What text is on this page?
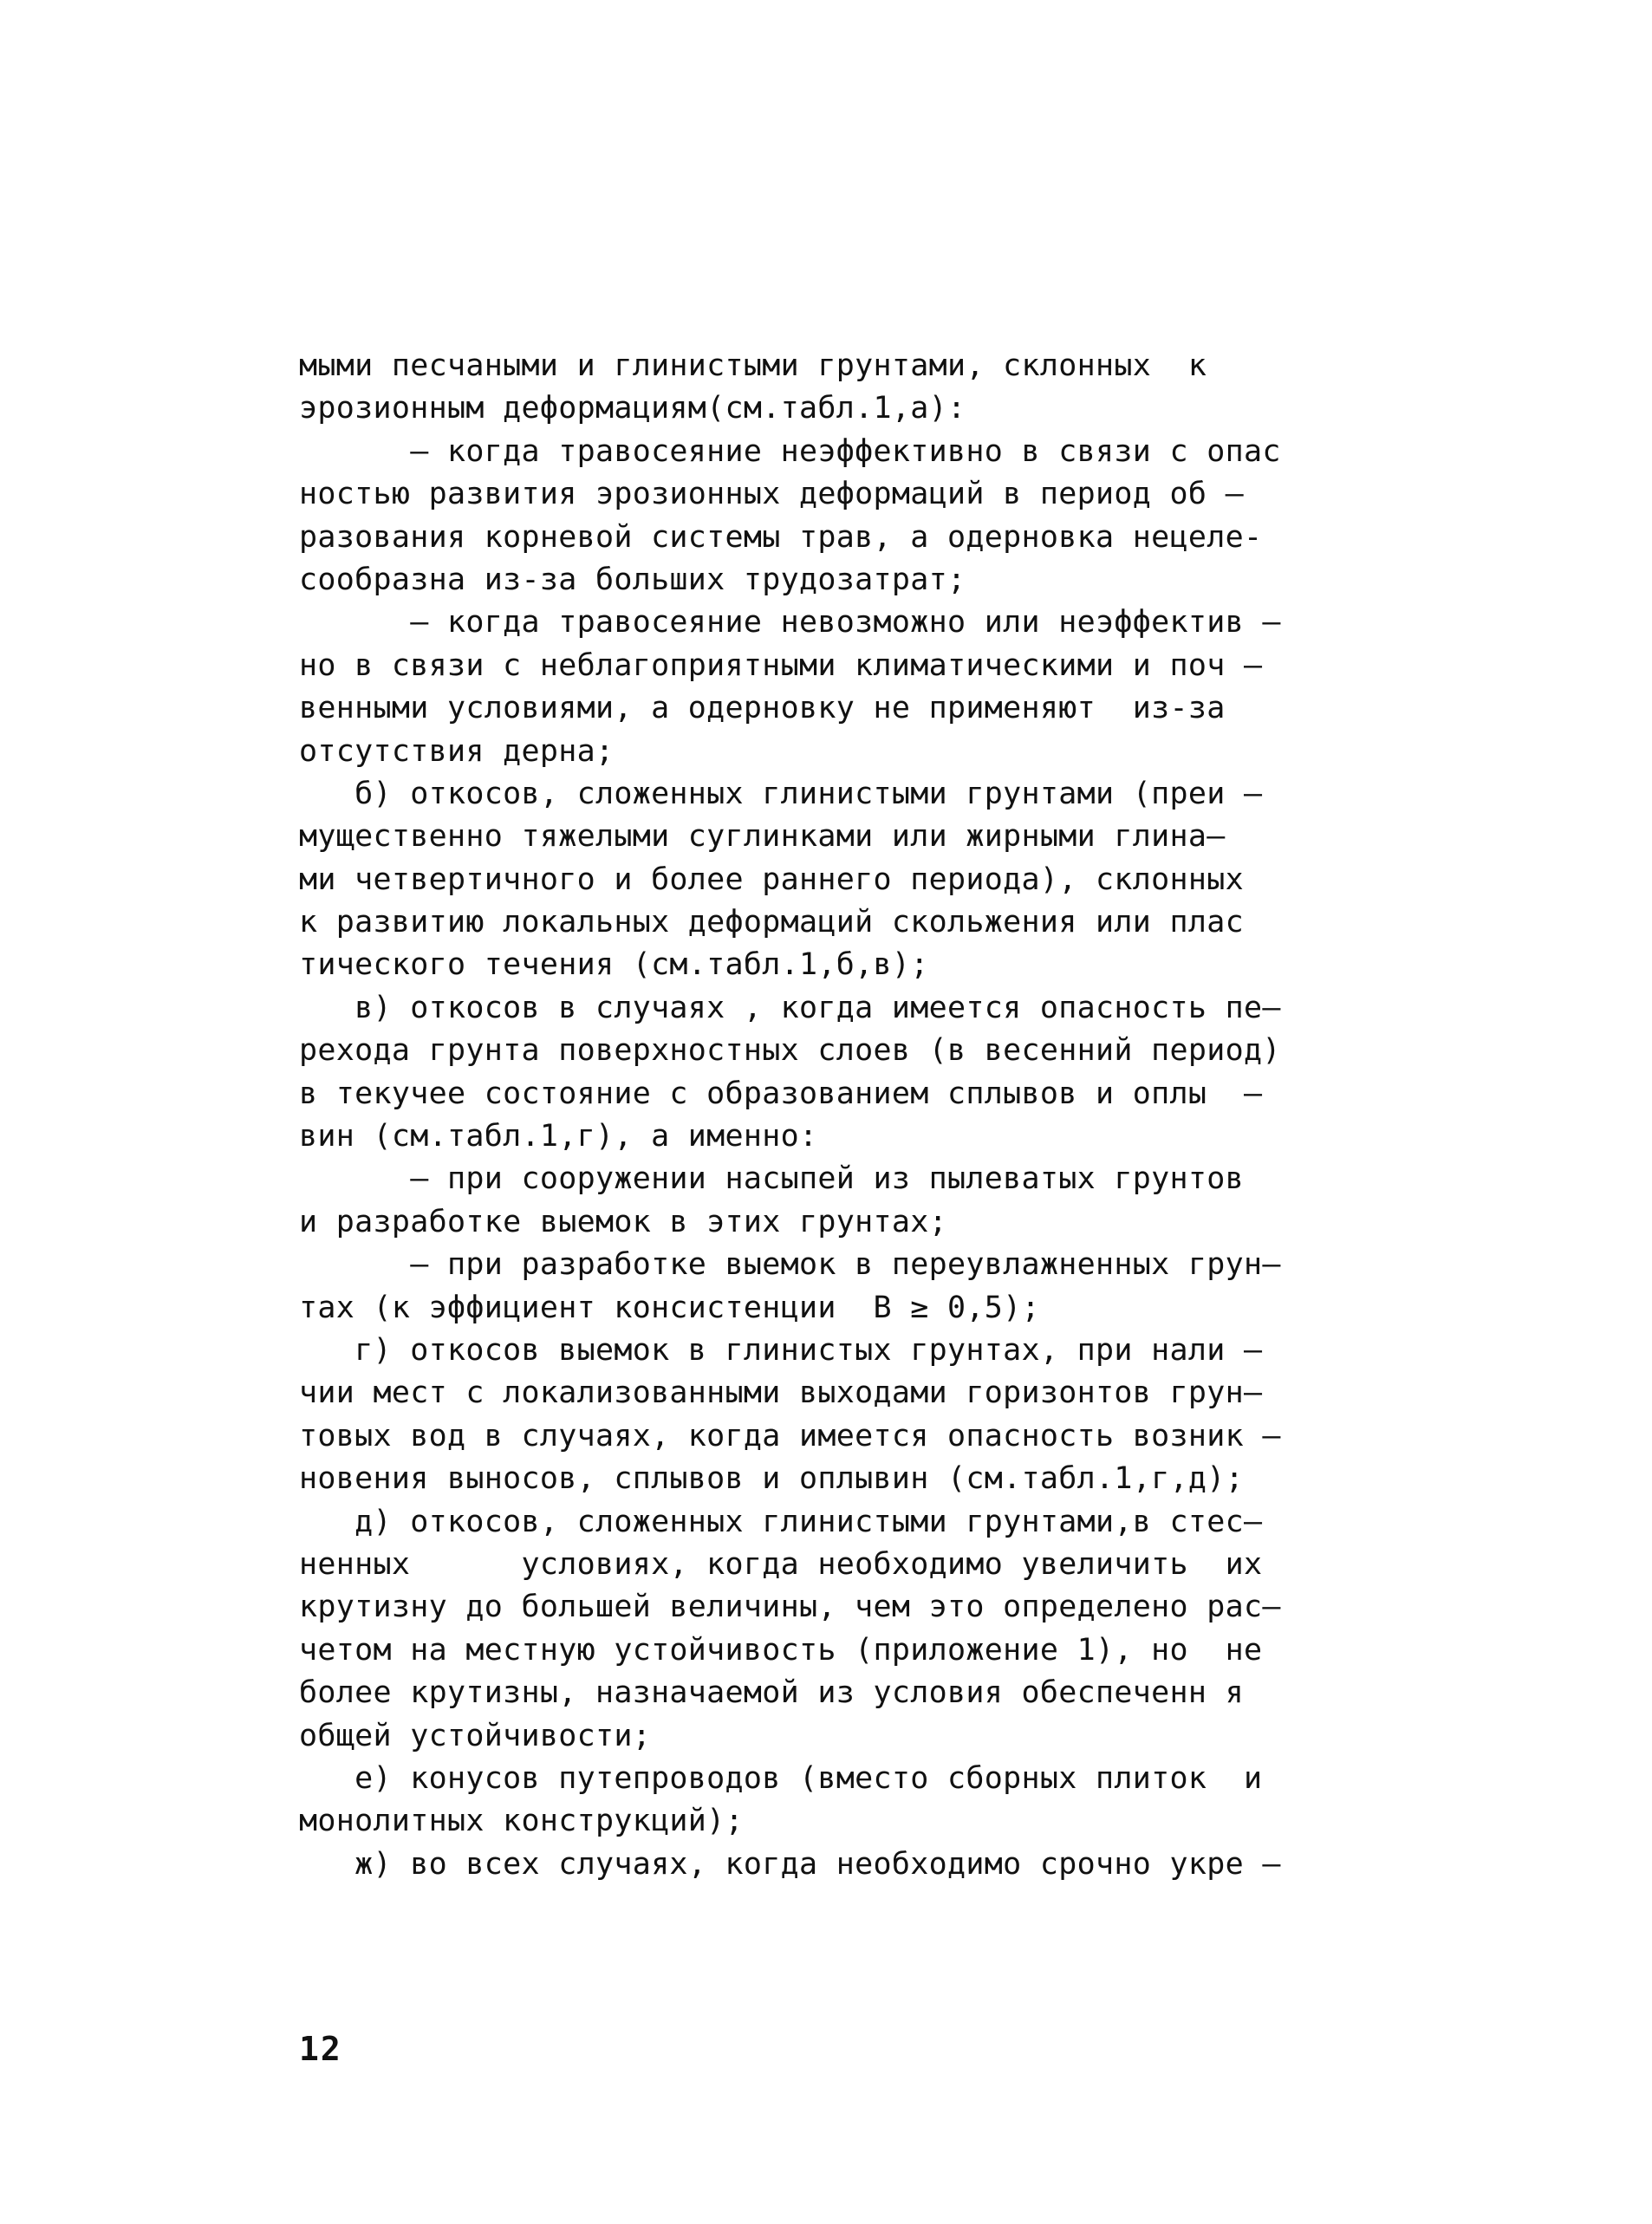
мыми песчаными и глинистыми грунтами, склонных  к
эрозионным деформациям(см.табл.1,а):
– когда травосеяние неэффективно в связи с опас
ностью развития эрозионных деформаций в период об –
разования корневой системы трав, а одерновка нецеле-
сообразна из-за больших трудозатрат;
– когда травосеяние невозможно или неэффектив –
но в связи с неблагоприятными климатическими и поч –
венными условиями, а одерновку не применяют  из-за
отсутствия дерна;
б) откосов, сложенных глинистыми грунтами (преи –
мущественно тяжелыми суглинками или жирными глина–
ми четвертичного и более раннего периода), склонных
к развитию локальных деформаций скольжения или плас
тического течения (см.табл.1,б,в);
в) откосов в случаях , когда имеется опасность пе–
рехода грунта поверхностных слоев (в весенний период)
в текучее состояние с образованием сплывов и оплы  –
вин (см.табл.1,г), а именно:
– при сооружении насыпей из пылеватых грунтов
и разработке выемок в этих грунтах;
– при разработке выемок в переувлажненных грун–
тах (к эффициент консистенции  B ≥ 0,5);
г) откосов выемок в глинистых грунтах, при нали –
чии мест с локализованными выходами горизонтов грун–
товых вод в случаях, когда имеется опасность возник –
новения выносов, сплывов и оплывин (см.табл.1,г,д);
д) откосов, сложенных глинистыми грунтами,в стес–
ненных      условиях, когда необходимо увеличить  их
крутизну до большей величины, чем это определено рас–
четом на местную устойчивость (приложение 1), но  не
более крутизны, назначаемой из условия обеспеченн я
общей устойчивости;
е) конусов путепроводов (вместо сборных плиток  и
монолитных конструкций);
ж) во всех случаях, когда необходимо срочно укре –
12
